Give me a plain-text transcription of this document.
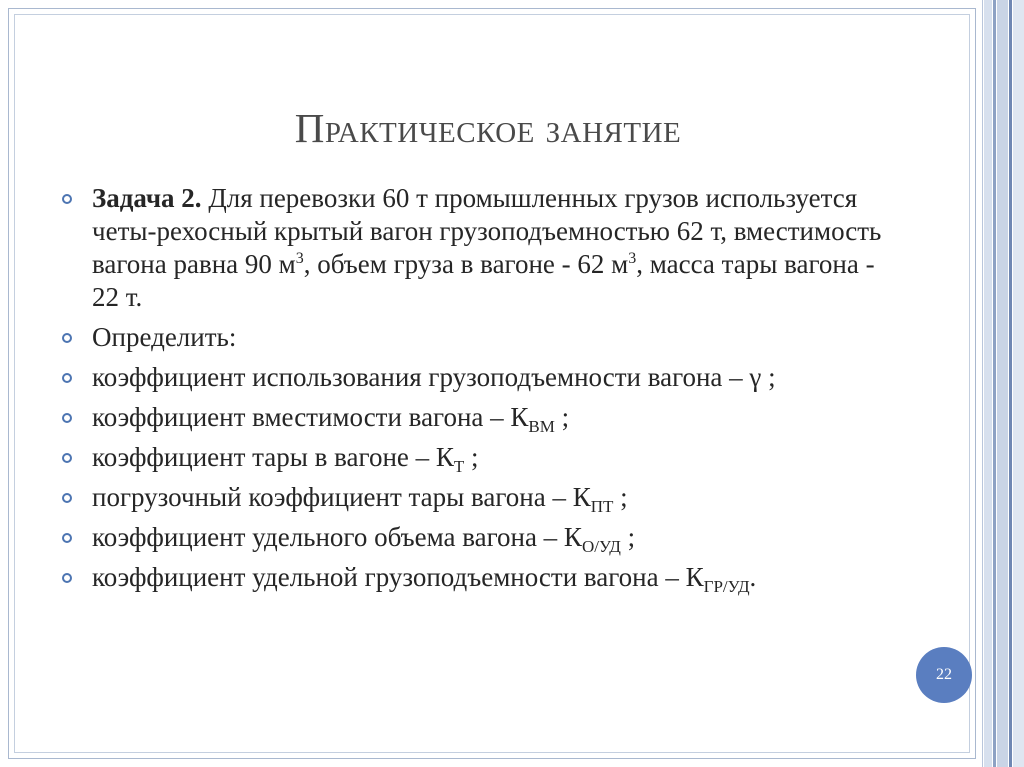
Практическое занятие
Задача 2. Для перевозки 60 т промышленных грузов используется четы-рехосный крытый вагон грузоподъемностью 62 т, вместимость вагона равна 90 $м^3$, объем груза в вагоне - 62 $м^3$, масса тары вагона - 22 т.
Определить:
коэффициент использования грузоподъемности вагона – γ ;
коэффициент вместимости вагона – $К_{ВМ}$ ;
коэффициент тары в вагоне – $К_Т$ ;
погрузочный коэффициент тары вагона – $К_{ПТ}$ ;
коэффициент удельного объема вагона – $К_{О/УД}$ ;
коэффициент удельной грузоподъемности вагона – $К_{ГР/УД}$.
22
